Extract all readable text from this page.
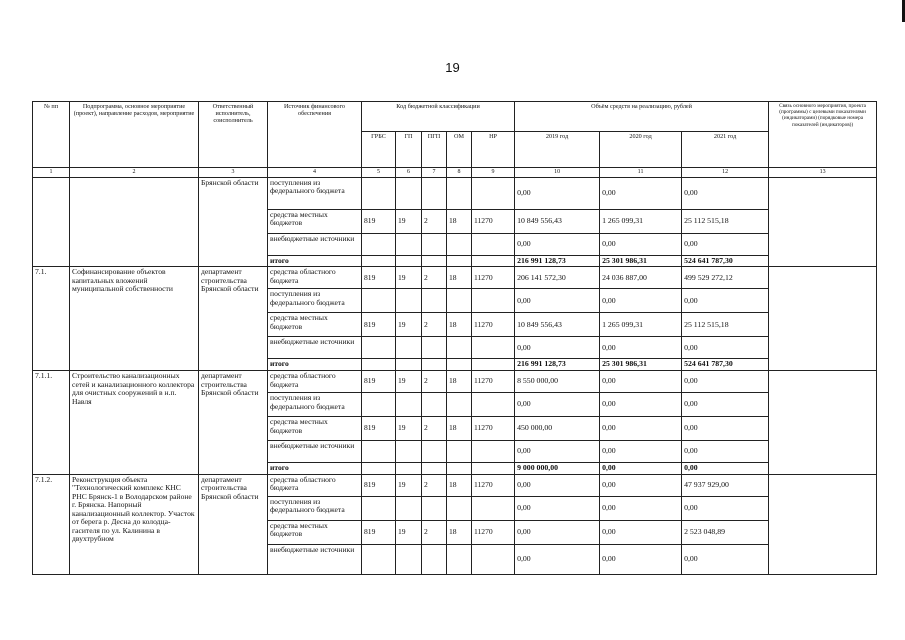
19
№ пп	Подпрограмма, основное мероприятие (проект), направление расходов, мероприятие	Ответственный исполнитель, соисполнитель	Источник финансового обеспечения	Код бюджетной классификации					Объём средств на реализацию, рублей			Связь основного мероприятия, проекта (программы) с целевыми показателями (индикаторами) (порядковые номера показателей (индикаторов))
				ГРБС	ГП	ПГП	ОМ	НР	2019 год	2020 год	2021 год	
1	2	3	4	5	6	7	8	9	10	11	12	13
		Брянской области	поступления из федерального бюджета						0,00	0,00	0,00	
			средства местных бюджетов	819	19	2	18	11270	10 849 556,43	1 265 099,31	25 112 515,18	
			внебюджетные источники						0,00	0,00	0,00	
			итого						216 991 128,73	25 301 986,31	524 641 787,30	
7.1.	Софинансирование объектов капитальных вложений муниципальной собственности	департамент строительства Брянской области	средства областного бюджета	819	19	2	18	11270	206 141 572,30	24 036 887,00	499 529 272,12	
			поступления из федерального бюджета						0,00	0,00	0,00	
			средства местных бюджетов	819	19	2	18	11270	10 849 556,43	1 265 099,31	25 112 515,18	
			внебюджетные источники						0,00	0,00	0,00	
			итого						216 991 128,73	25 301 986,31	524 641 787,30	
7.1.1.	Строительство канализационных сетей и канализационного коллектора для очистных сооружений в н.п. Навля	департамент строительства Брянской области	средства областного бюджета	819	19	2	18	11270	8 550 000,00	0,00	0,00	
			поступления из федерального бюджета						0,00	0,00	0,00	
			средства местных бюджетов	819	19	2	18	11270	450 000,00	0,00	0,00	
			внебюджетные источники						0,00	0,00	0,00	
			итого						9 000 000,00	0,00	0,00	
7.1.2.	Реконструкция объекта "Технологический комплекс КНС РНС Брянск-1 в Володарском районе г. Брянска. Напорный канализационный коллектор. Участок от берега р. Десна до колодца-гасителя по ул. Калинина в двухтрубном	департамент строительства Брянской области	средства областного бюджета	819	19	2	18	11270	0,00	0,00	47 937 929,00	
			поступления из федерального бюджета						0,00	0,00	0,00	
			средства местных бюджетов	819	19	2	18	11270	0,00	0,00	2 523 048,89	
			внебюджетные источники						0,00	0,00	0,00	
